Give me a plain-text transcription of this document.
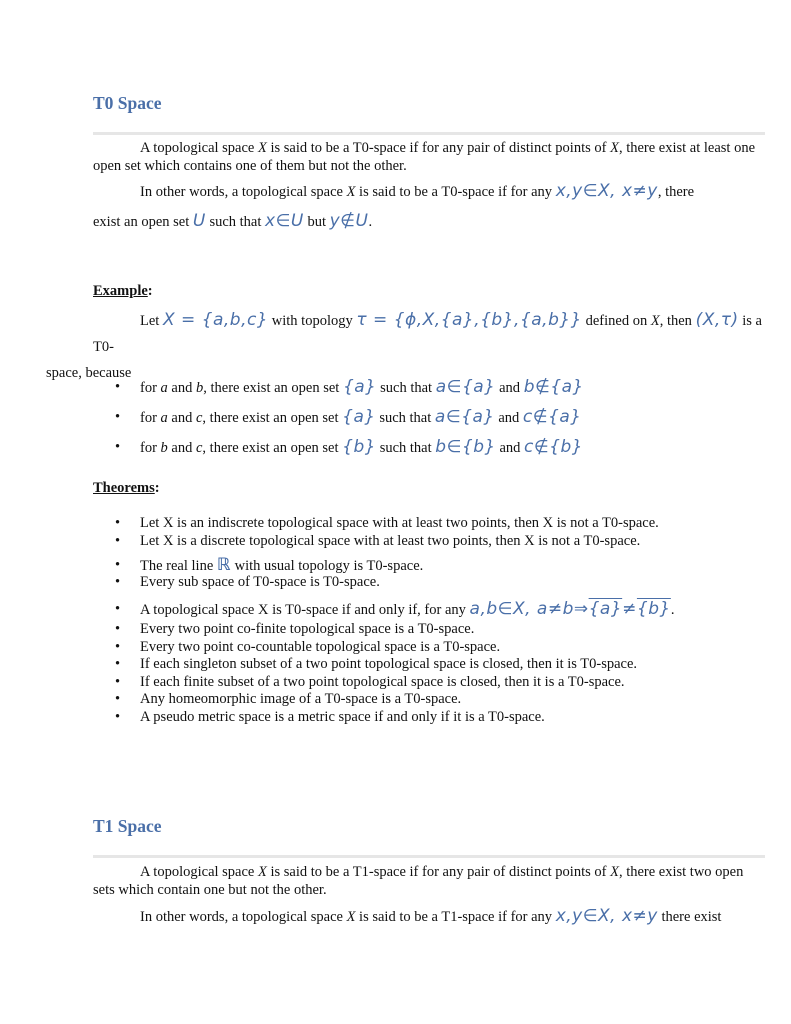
T0 Space
A topological space X is said to be a T0-space if for any pair of distinct points of X, there exist at least one open set which contains one of them but not the other.
In other words, a topological space X is said to be a T0-space if for any x,y∈X, x≠y, there
exist an open set U such that x∈U but y∉U.
Example:
Let X = {a,b,c} with topology τ = {ϕ,X,{a},{b},{a,b}} defined on X, then (X,τ) is a T0-
space, because
• for a and b, there exist an open set {a} such that a∈{a} and b∉{a}
• for a and c, there exist an open set {a} such that a∈{a} and c∉{a}
• for b and c, there exist an open set {b} such that b∈{b} and c∉{b}
Theorems:
• Let X is an indiscrete topological space with at least two points, then X is not a T0-space.
• Let X is a discrete topological space with at least two points, then X is not a T0-space.
• The real line ℝ with usual topology is T0-space.
• Every sub space of T0-space is T0-space.
• A topological space X is T0-space if and only if, for any a,b∈X, a≠b⇒{a}≠{b}.
• Every two point co-finite topological space is a T0-space.
• Every two point co-countable topological space is a T0-space.
• If each singleton subset of a two point topological space is closed, then it is T0-space.
• If each finite subset of a two point topological space is closed, then it is a T0-space.
• Any homeomorphic image of a T0-space is a T0-space.
• A pseudo metric space is a metric space if and only if it is a T0-space.
T1 Space
A topological space X is said to be a T1-space if for any pair of distinct points of X, there exist two open sets which contain one but not the other.
In other words, a topological space X is said to be a T1-space if for any x,y∈X, x≠y there exist
